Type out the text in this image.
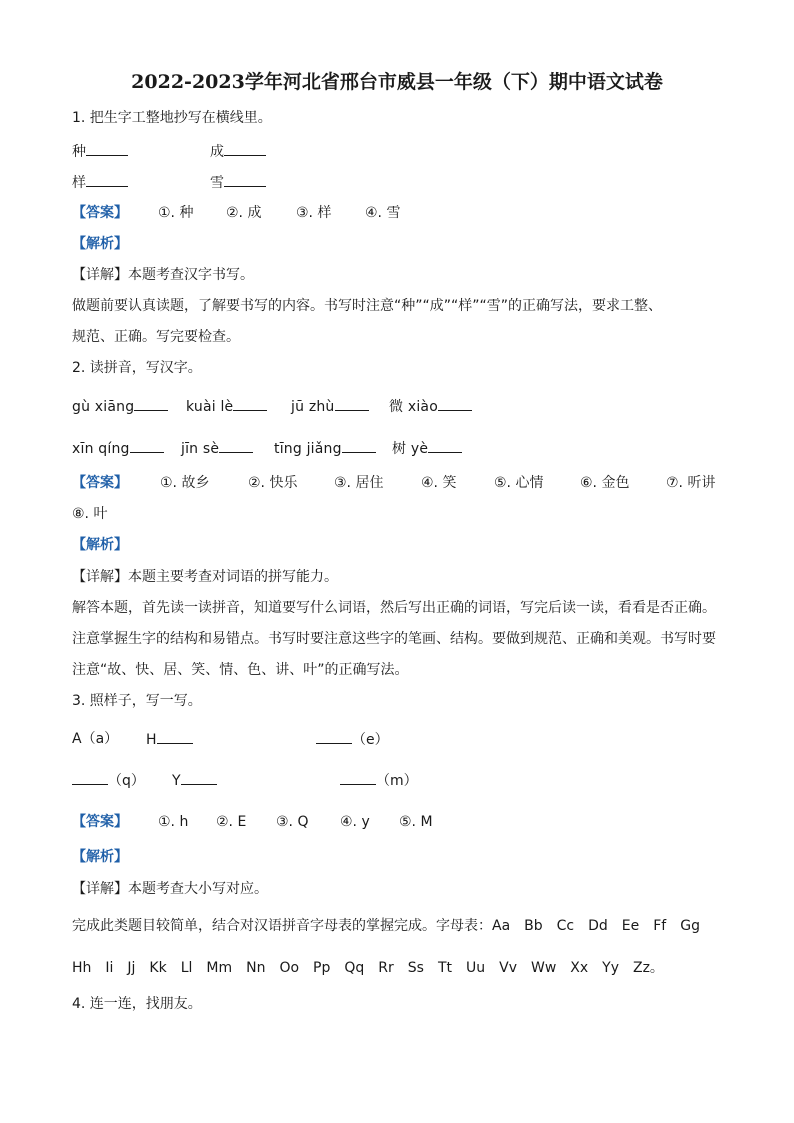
2022-2023学年河北省邢台市威县一年级（下）期中语文试卷
1. 把生字工整地抄写在横线里。
种	成
样	雪
【答案】 ①. 种 ②. 成 ③. 样 ④. 雪
【解析】
【详解】本题考查汉字书写。
做题前要认真读题，了解要书写的内容。书写时注意“种”“成”“样”“雪”的正确写法，要求工整、
规范、正确。写完要检查。
2. 读拼音，写汉字。
gù xiāng	kuài lè	jū zhù	微 xiào
xīn qíng	jīn sè	tīng jiǎng	树 yè
【答案】 ①. 故乡	②. 快乐	③. 居住	④. 笑	⑤. 心情	⑥. 金色	⑦. 听讲
⑧. 叶
【解析】
【详解】本题主要考查对词语的拼写能力。
解答本题，首先读一读拼音，知道要写什么词语，然后写出正确的词语，写完后读一读，看看是否正确。
注意掌握生字的结构和易错点。书写时要注意这些字的笔画、结构。要做到规范、正确和美观。书写时要
注意“故、快、居、笑、情、色、讲、叶”的正确写法。
3. 照样子，写一写。
A（a） H	（e）
（q） Y	（m）
【答案】 ①. h ②. E ③. Q ④. y ⑤. M
【解析】
【详解】本题考查大小写对应。
完成此类题目较简单，结合对汉语拼音字母表的掌握完成。字母表：Aa　Bb　Cc　Dd　Ee　Ff　Gg
Hh　Ii　Jj　Kk　Ll　Mm　Nn　Oo　Pp　Qq　Rr　Ss　Tt　Uu　Vv　Ww　Xx　Yy　Zz。
4. 连一连，找朋友。
